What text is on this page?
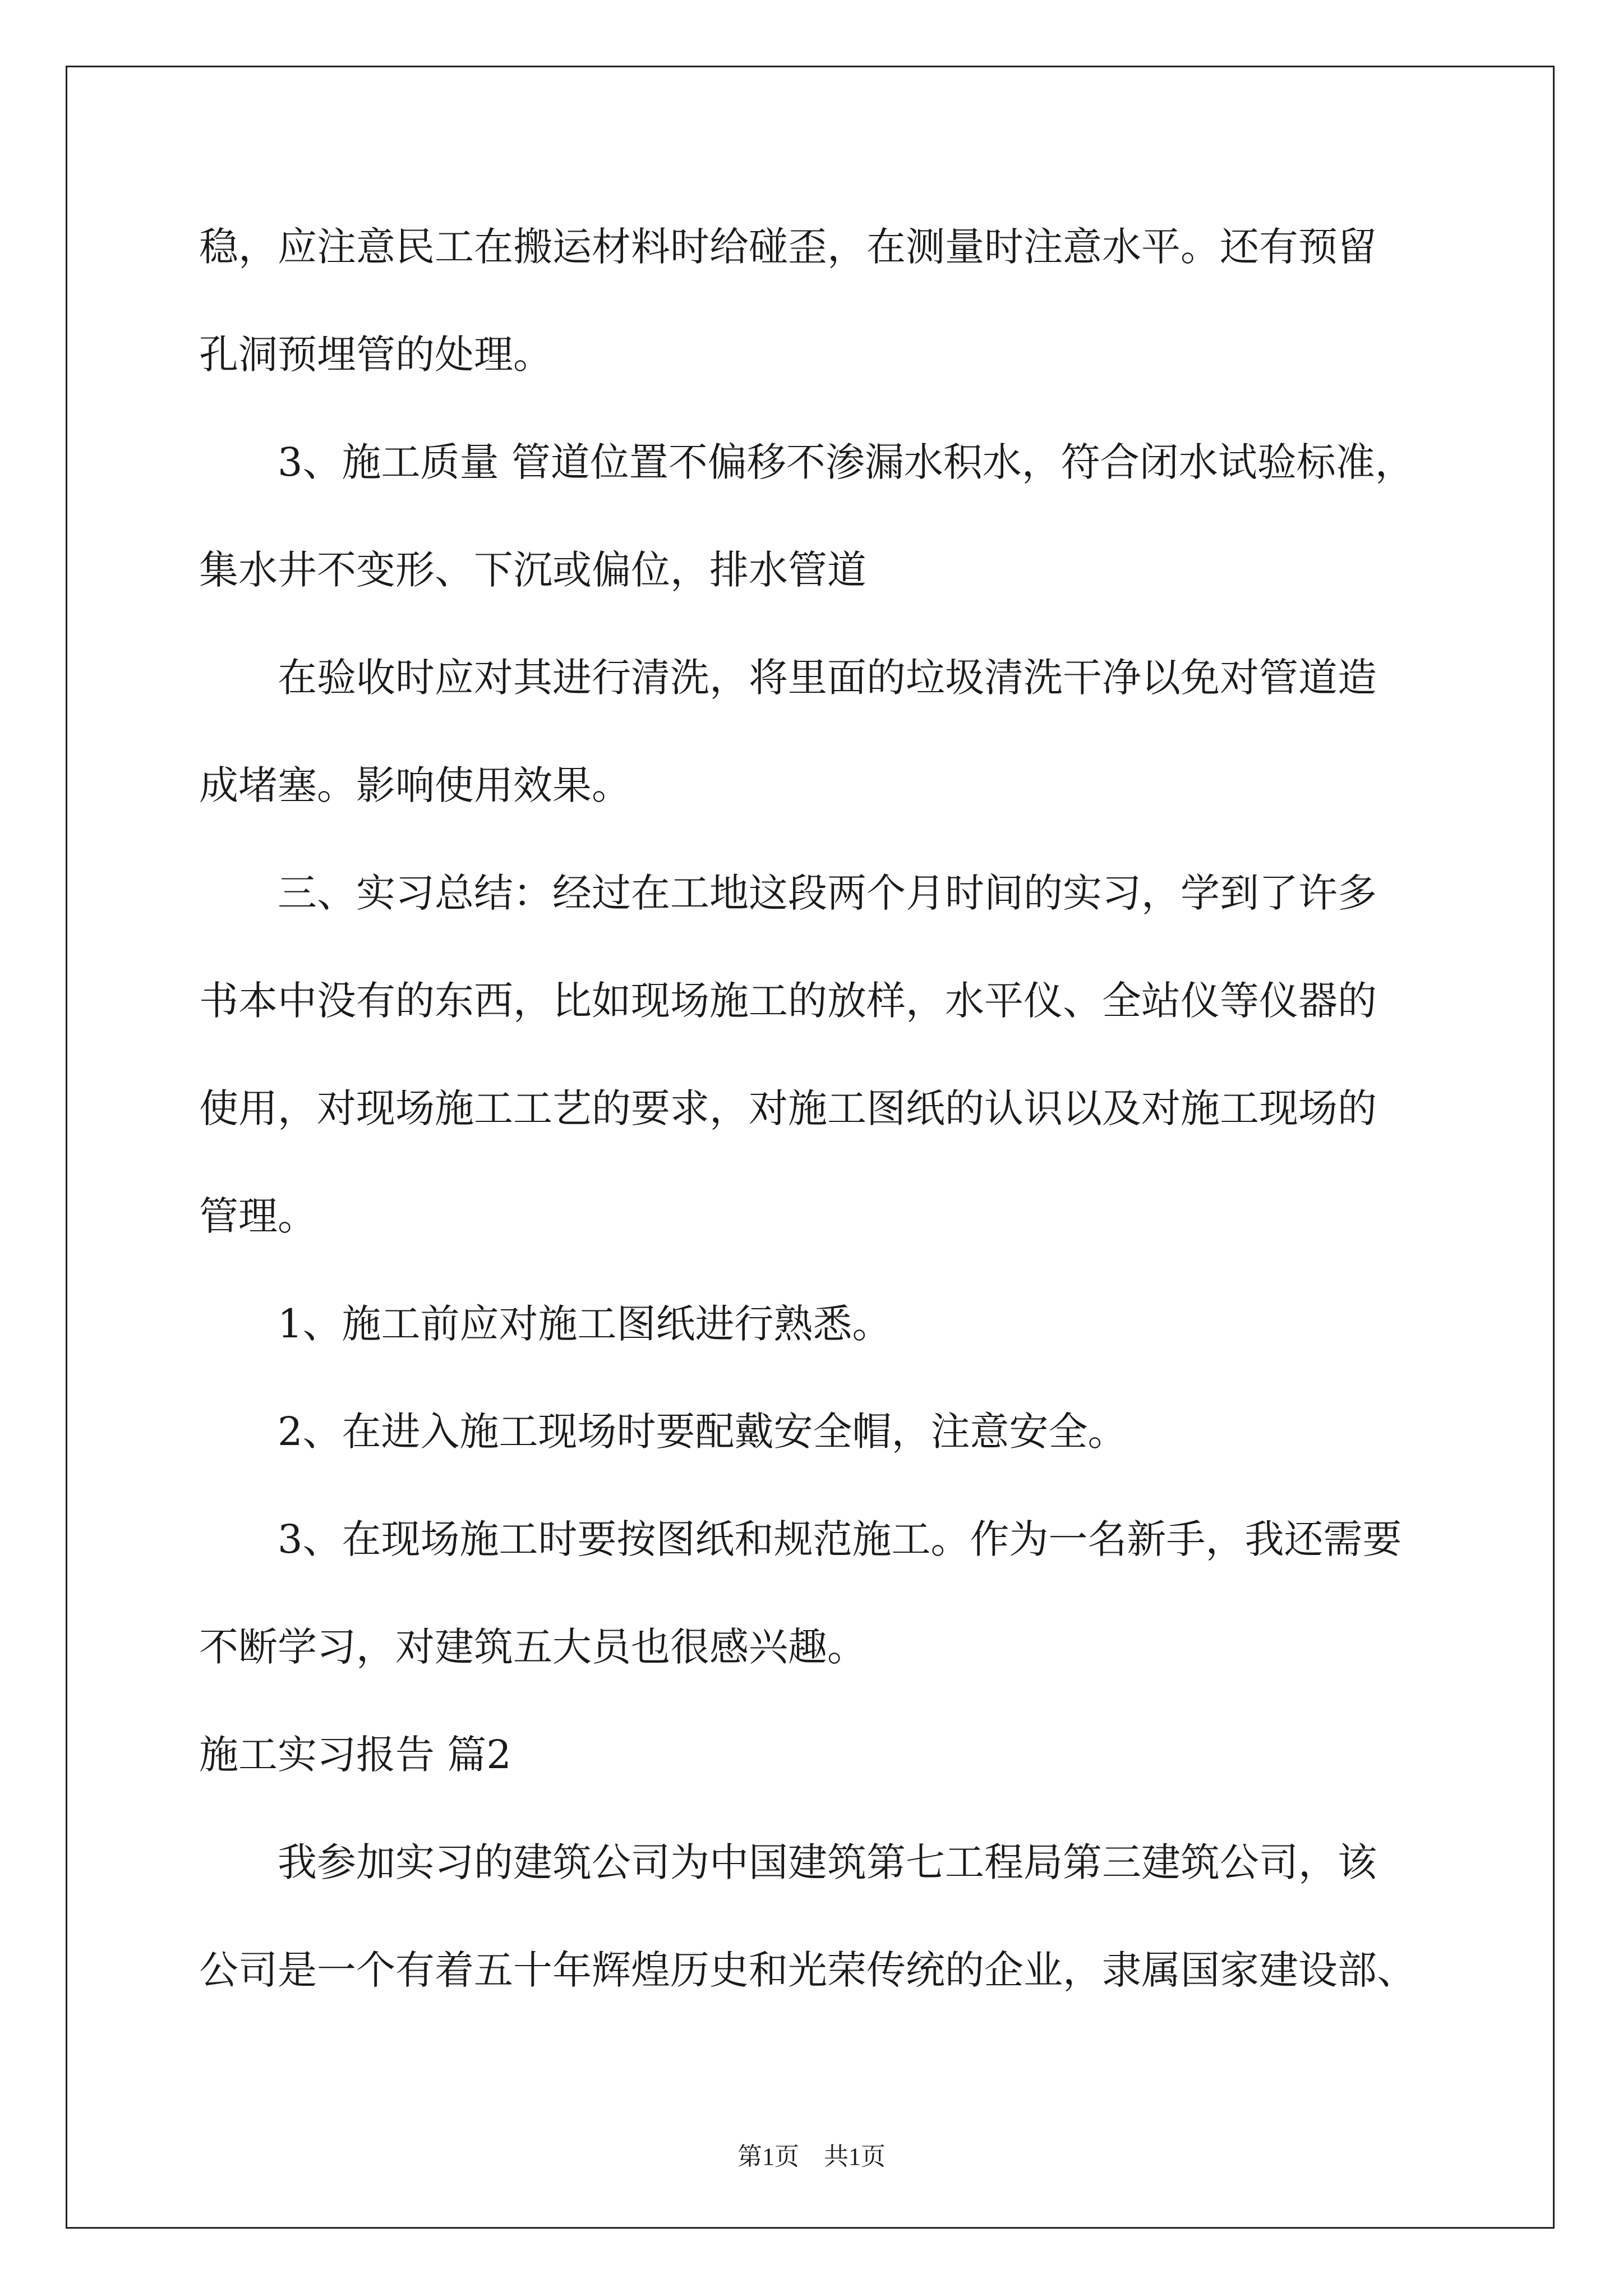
稳，应注意民工在搬运材料时给碰歪，在测量时注意水平。还有预留
孔洞预埋管的处理。
3、施工质量 管道位置不偏移不渗漏水积水，符合闭水试验标准，
集水井不变形、下沉或偏位，排水管道
在验收时应对其进行清洗，将里面的垃圾清洗干净以免对管道造
成堵塞。影响使用效果。
三、实习总结：经过在工地这段两个月时间的实习，学到了许多
书本中没有的东西，比如现场施工的放样，水平仪、全站仪等仪器的
使用，对现场施工工艺的要求，对施工图纸的认识以及对施工现场的
管理。
1、施工前应对施工图纸进行熟悉。
2、在进入施工现场时要配戴安全帽，注意安全。
3、在现场施工时要按图纸和规范施工。作为一名新手，我还需要
不断学习，对建筑五大员也很感兴趣。
施工实习报告 篇2
我参加实习的建筑公司为中国建筑第七工程局第三建筑公司，该
公司是一个有着五十年辉煌历史和光荣传统的企业，隶属国家建设部、
第1页　共1页
